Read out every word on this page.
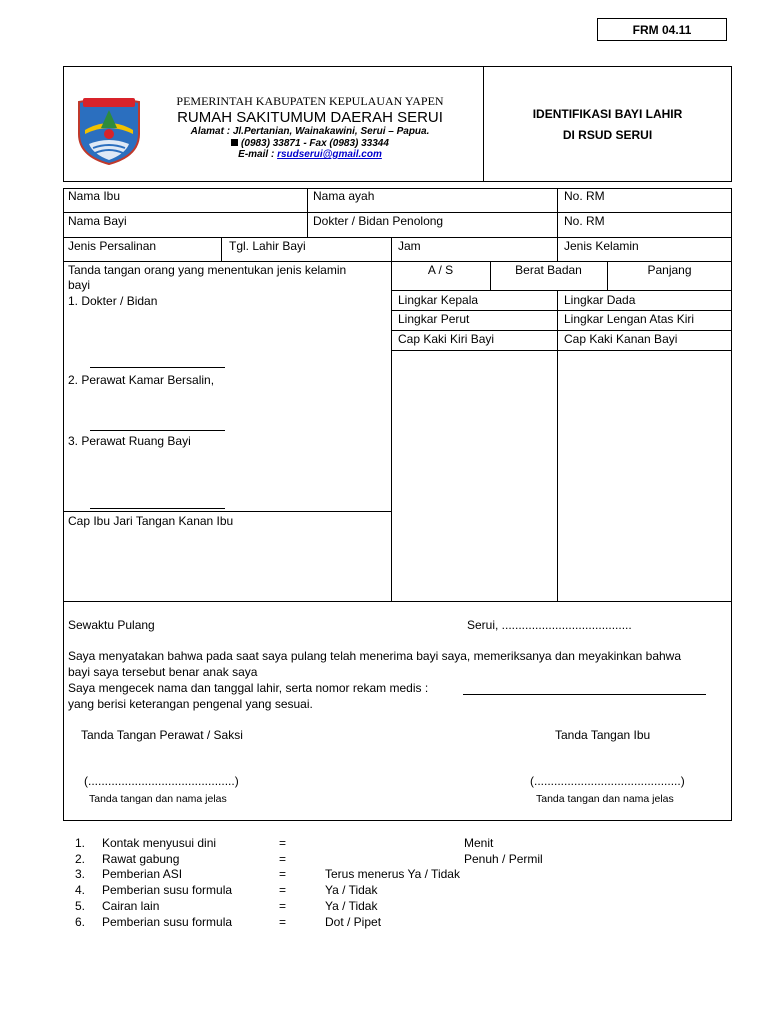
FRM 04.11
PEMERINTAH KABUPATEN KEPULAUAN YAPEN
RUMAH SAKITUMUM DAERAH SERUI
Alamat : Jl.Pertanian, Wainakawini, Serui – Papua.
(0983) 33871 - Fax (0983) 33344
E-mail : rsudserui@gmail.com
IDENTIFIKASI BAYI LAHIR
DI RSUD SERUI
Nama Ibu	Nama ayah	No. RM
Nama Bayi	Dokter / Bidan Penolong	No. RM
Jenis Persalinan	Tgl. Lahir Bayi	Jam	Jenis Kelamin
Tanda tangan orang yang menentukan jenis kelamin
bayi
1. Dokter / Bidan
2. Perawat Kamar Bersalin,
3. Perawat Ruang Bayi
Cap Ibu Jari Tangan Kanan Ibu
A / S	Berat Badan	Panjang
Lingkar Kepala	Lingkar Dada
Lingkar Perut	Lingkar Lengan Atas Kiri
Cap Kaki Kiri Bayi	Cap Kaki Kanan Bayi
Sewaktu Pulang	Serui, .......................................
Saya menyatakan bahwa pada saat saya pulang telah menerima bayi saya, memeriksanya dan meyakinkan bahwa
bayi saya tersebut benar anak saya
Saya mengecek nama dan tanggal lahir, serta nomor rekam medis :
yang berisi keterangan pengenal yang sesuai.
Tanda Tangan Perawat / Saksi	Tanda Tangan Ibu
(............................................)	(............................................)
Tanda tangan dan nama jelas	Tanda tangan dan nama jelas
1. Kontak menyusui dini	=	Menit
2. Rawat gabung	=	Penuh / Permil
3. Pemberian ASI	=	Terus menerus Ya / Tidak
4. Pemberian susu formula	=	Ya / Tidak
5. Cairan lain	=	Ya / Tidak
6. Pemberian susu formula	=	Dot / Pipet
